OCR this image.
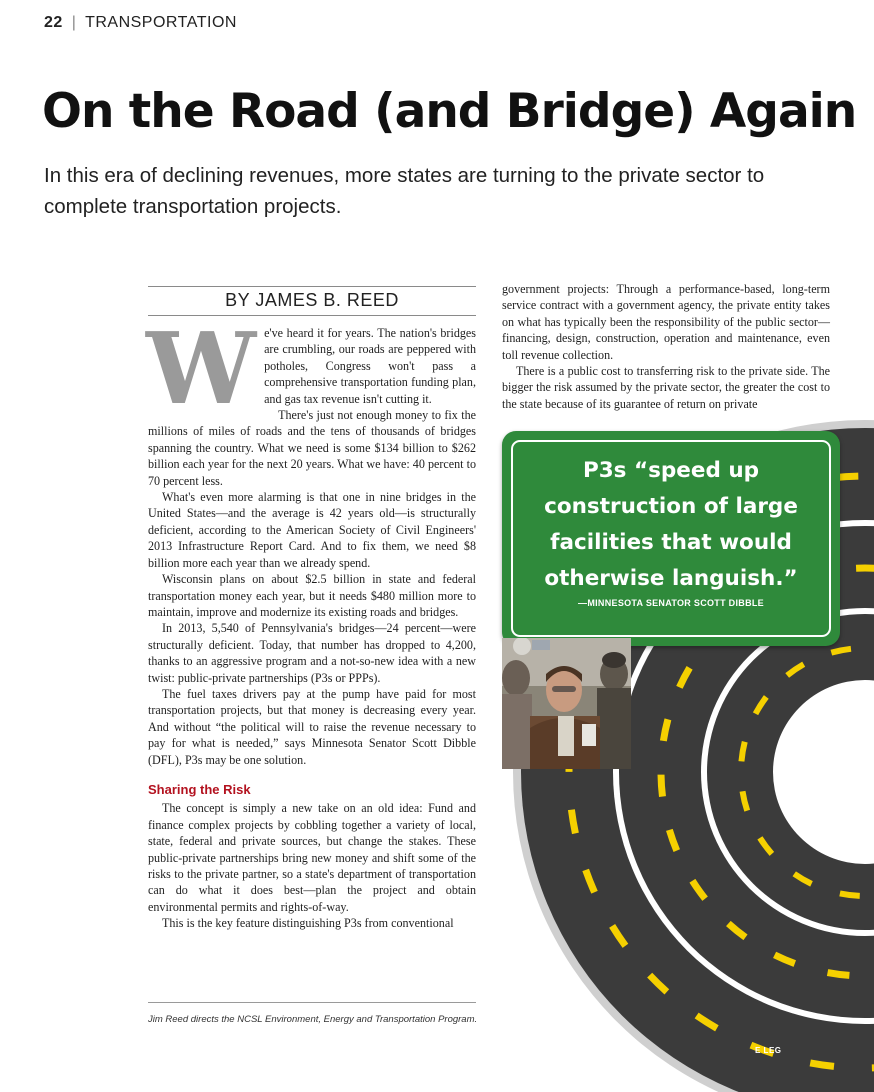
22 | TRANSPORTATION
On the Road (and Bridge) Again

In this era of declining revenues, more states are turning to the private sector to complete transportation projects.

BY JAMES B. REED
W e've heard it for years. The nation's bridges are crumbling, our roads are peppered with potholes, Congress won't pass a comprehensive transportation funding plan, and gas tax revenue isn't cutting it.

There's just not enough money to fix the millions of miles of roads and the tens of thousands of bridges spanning the country. What we need is some $134 billion to $262 billion each year for the next 20 years. What we have: 40 percent to 70 percent less.

What's even more alarming is that one in nine bridges in the United States—and the average is 42 years old—is structurally deficient, according to the American Society of Civil Engineers' 2013 Infrastructure Report Card. And to fix them, we need $8 billion more each year than we already spend.

Wisconsin plans on about $2.5 billion in state and federal transportation money each year, but it needs $480 million more to maintain, improve and modernize its existing roads and bridges.

In 2013, 5,540 of Pennsylvania's bridges—24 percent—were structurally deficient. Today, that number has dropped to 4,200, thanks to an aggressive program and a not-so-new idea with a new twist: public-private partnerships (P3s or PPPs).

The fuel taxes drivers pay at the pump have paid for most transportation projects, but that money is decreasing every year. And without “the political will to raise the revenue necessary to pay for what is needed,” says Minnesota Senator Scott Dibble (DFL), P3s may be one solution.

Sharing the Risk

The concept is simply a new take on an old idea: Fund and finance complex projects by cobbling together a variety of local, state, federal and private sources, but change the stakes. These public-private partnerships bring new money and shift some of the risks to the private partner, so a state's department of transportation can do what it does best—plan the project and obtain environmental permits and rights-of-way.

This is the key feature distinguishing P3s from conventional

government projects: Through a performance-based, long-term service contract with a government agency, the private entity takes on what has typically been the responsibility of the public sector—financing, design, construction, operation and maintenance, even toll revenue collection.

There is a public cost to transferring risk to the private side. The bigger the risk assumed by the private sector, the greater the cost to the state because of its guarantee of return on private

Jim Reed directs the NCSL Environment, Energy and Transportation Program.

P3s “speed up
construction of large
facilities that would
otherwise languish.”

—MINNESOTA SENATOR SCOTT DIBBLE

E LEG
